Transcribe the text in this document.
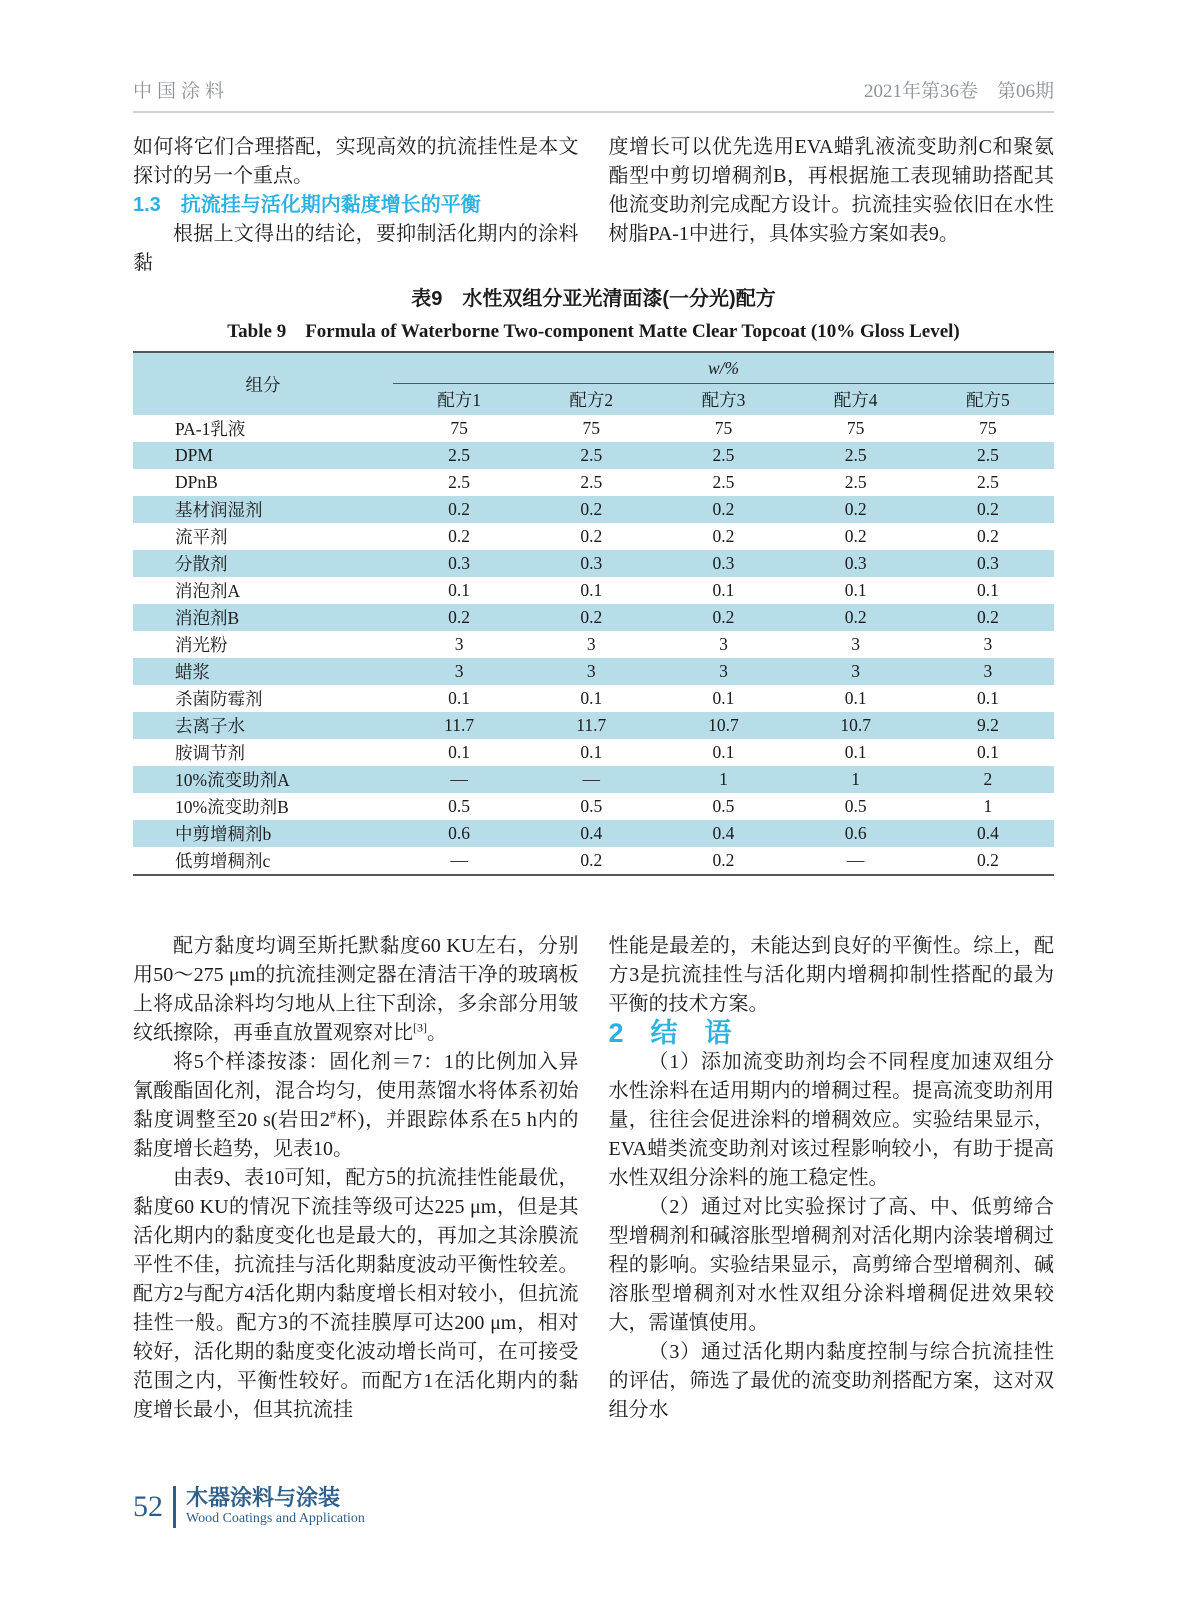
中国涂料	2021年第36卷　第06期

如何将它们合理搭配，实现高效的抗流挂性是本文探讨的另一个重点。

1.3　抗流挂与活化期内黏度增长的平衡

根据上文得出的结论，要抑制活化期内的涂料黏

度增长可以优先选用EVA蜡乳液流变助剂C和聚氨酯型中剪切增稠剂B，再根据施工表现辅助搭配其他流变助剂完成配方设计。抗流挂实验依旧在水性树脂PA-1中进行，具体实验方案如表9。

表9　水性双组分亚光清面漆(一分光)配方

Table 9　Formula of Waterborne Two-component Matte Clear Topcoat (10% Gloss Level)

组分	w/%				
	配方1	配方2	配方3	配方4	配方5
PA-1乳液	75	75	75	75	75
DPM	2.5	2.5	2.5	2.5	2.5
DPnB	2.5	2.5	2.5	2.5	2.5
基材润湿剂	0.2	0.2	0.2	0.2	0.2
流平剂	0.2	0.2	0.2	0.2	0.2
分散剂	0.3	0.3	0.3	0.3	0.3
消泡剂A	0.1	0.1	0.1	0.1	0.1
消泡剂B	0.2	0.2	0.2	0.2	0.2
消光粉	3	3	3	3	3
蜡浆	3	3	3	3	3
杀菌防霉剂	0.1	0.1	0.1	0.1	0.1
去离子水	11.7	11.7	10.7	10.7	9.2
胺调节剂	0.1	0.1	0.1	0.1	0.1
10%流变助剂A	—	—	1	1	2
10%流变助剂B	0.5	0.5	0.5	0.5	1
中剪增稠剂b	0.6	0.4	0.4	0.6	0.4
低剪增稠剂c	—	0.2	0.2	—	0.2

配方黏度均调至斯托默黏度60 KU左右，分别用50～275 μm的抗流挂测定器在清洁干净的玻璃板上将成品涂料均匀地从上往下刮涂，多余部分用皱纹纸擦除，再垂直放置观察对比[3]。

将5个样漆按漆：固化剂＝7：1的比例加入异氰酸酯固化剂，混合均匀，使用蒸馏水将体系初始黏度调整至20 s(岩田2#杯)，并跟踪体系在5 h内的黏度增长趋势，见表10。

由表9、表10可知，配方5的抗流挂性能最优，黏度60 KU的情况下流挂等级可达225 μm，但是其活化期内的黏度变化也是最大的，再加之其涂膜流平性不佳，抗流挂与活化期黏度波动平衡性较差。配方2与配方4活化期内黏度增长相对较小，但抗流挂性一般。配方3的不流挂膜厚可达200 μm，相对较好，活化期的黏度变化波动增长尚可，在可接受范围之内，平衡性较好。而配方1在活化期内的黏度增长最小，但其抗流挂

性能是最差的，未能达到良好的平衡性。综上，配方3是抗流挂性与活化期内增稠抑制性搭配的最为平衡的技术方案。

2　结　语

（1）添加流变助剂均会不同程度加速双组分水性涂料在适用期内的增稠过程。提高流变助剂用量，往往会促进涂料的增稠效应。实验结果显示，EVA蜡类流变助剂对该过程影响较小，有助于提高水性双组分涂料的施工稳定性。

（2）通过对比实验探讨了高、中、低剪缔合型增稠剂和碱溶胀型增稠剂对活化期内涂装增稠过程的影响。实验结果显示，高剪缔合型增稠剂、碱溶胀型增稠剂对水性双组分涂料增稠促进效果较大，需谨慎使用。

（3）通过活化期内黏度控制与综合抗流挂性的评估，筛选了最优的流变助剂搭配方案，这对双组分水

52 木器涂料与涂装
Wood Coatings and Application
